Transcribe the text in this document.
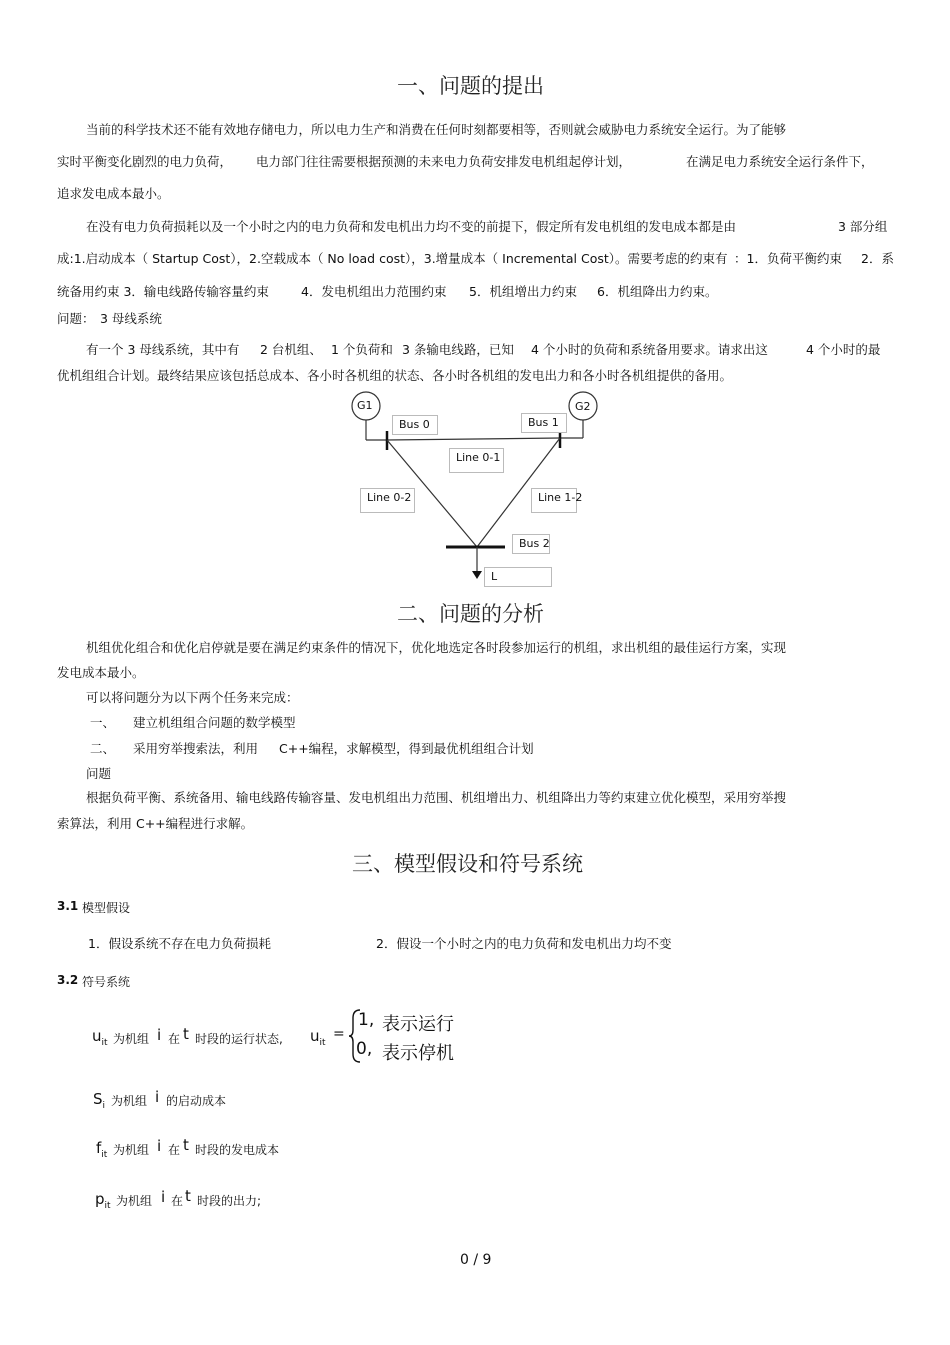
一、问题的提出
当前的科学技术还不能有效地存储电力，所以电力生产和消费在任何时刻都要相等，否则就会威胁电力系统安全运行。为了能够
实时平衡变化剧烈的电力负荷， 电力部门往往需要根据预测的未来电力负荷安排发电机组起停计划，	在满足电力系统安全运行条件下，
追求发电成本最小。
在没有电力负荷损耗以及一个小时之内的电力负荷和发电机出力均不变的前提下，假定所有发电机组的发电成本都是由	3 部分组
成:1.启动成本（ Startup Cost），2.空载成本（ No load cost），3.增量成本（ Incremental Cost）。需要考虑的约束有 ：1．负荷平衡约束 2．系
统备用约束 3．输电线路传输容量约束	4．发电机组出力范围约束 5．机组增出力约束 6．机组降出力约束。
问题： 3 母线系统
有一个 3 母线系统，其中有 2 台机组、 1 个负荷和 3 条输电线路，已知 4 个小时的负荷和系统备用要求。请求出这	4 个小时的最
优机组组合计划。最终结果应该包括总成本、各小时各机组的状态、各小时各机组的发电出力和各小时各机组提供的备用。
G1	G2
Bus 0	Bus 1
Line 0-1
Line 0-2	Line 1-2
Bus 2
L
二、问题的分析
机组优化组合和优化启停就是要在满足约束条件的情况下，优化地选定各时段参加运行的机组，求出机组的最佳运行方案，实现
发电成本最小。
可以将问题分为以下两个任务来完成：
一、 建立机组组合问题的数学模型
二、 采用穷举搜索法，利用 C++编程，求解模型，得到最优机组组合计划
问题
根据负荷平衡、系统备用、输电线路传输容量、发电机组出力范围、机组增出力、机组降出力等约束建立优化模型，采用穷举搜
索算法，利用 C++编程进行求解。
三、模型假设和符号系统
3.1 模型假设
1．假设系统不存在电力负荷损耗	2．假设一个小时之内的电力负荷和发电机出力均不变
3.2 符号系统
$u_{it}$ 为机组 i 在 t 时段的运行状态, $u_{it}$
=
1, 表示运行
0, 表示停机
$S_i$ 为机组 i 的启动成本
$f_{it}$ 为机组 i 在 t 时段的发电成本
$p_{it}$ 为机组 i 在 t 时段的出力;
0 / 9
